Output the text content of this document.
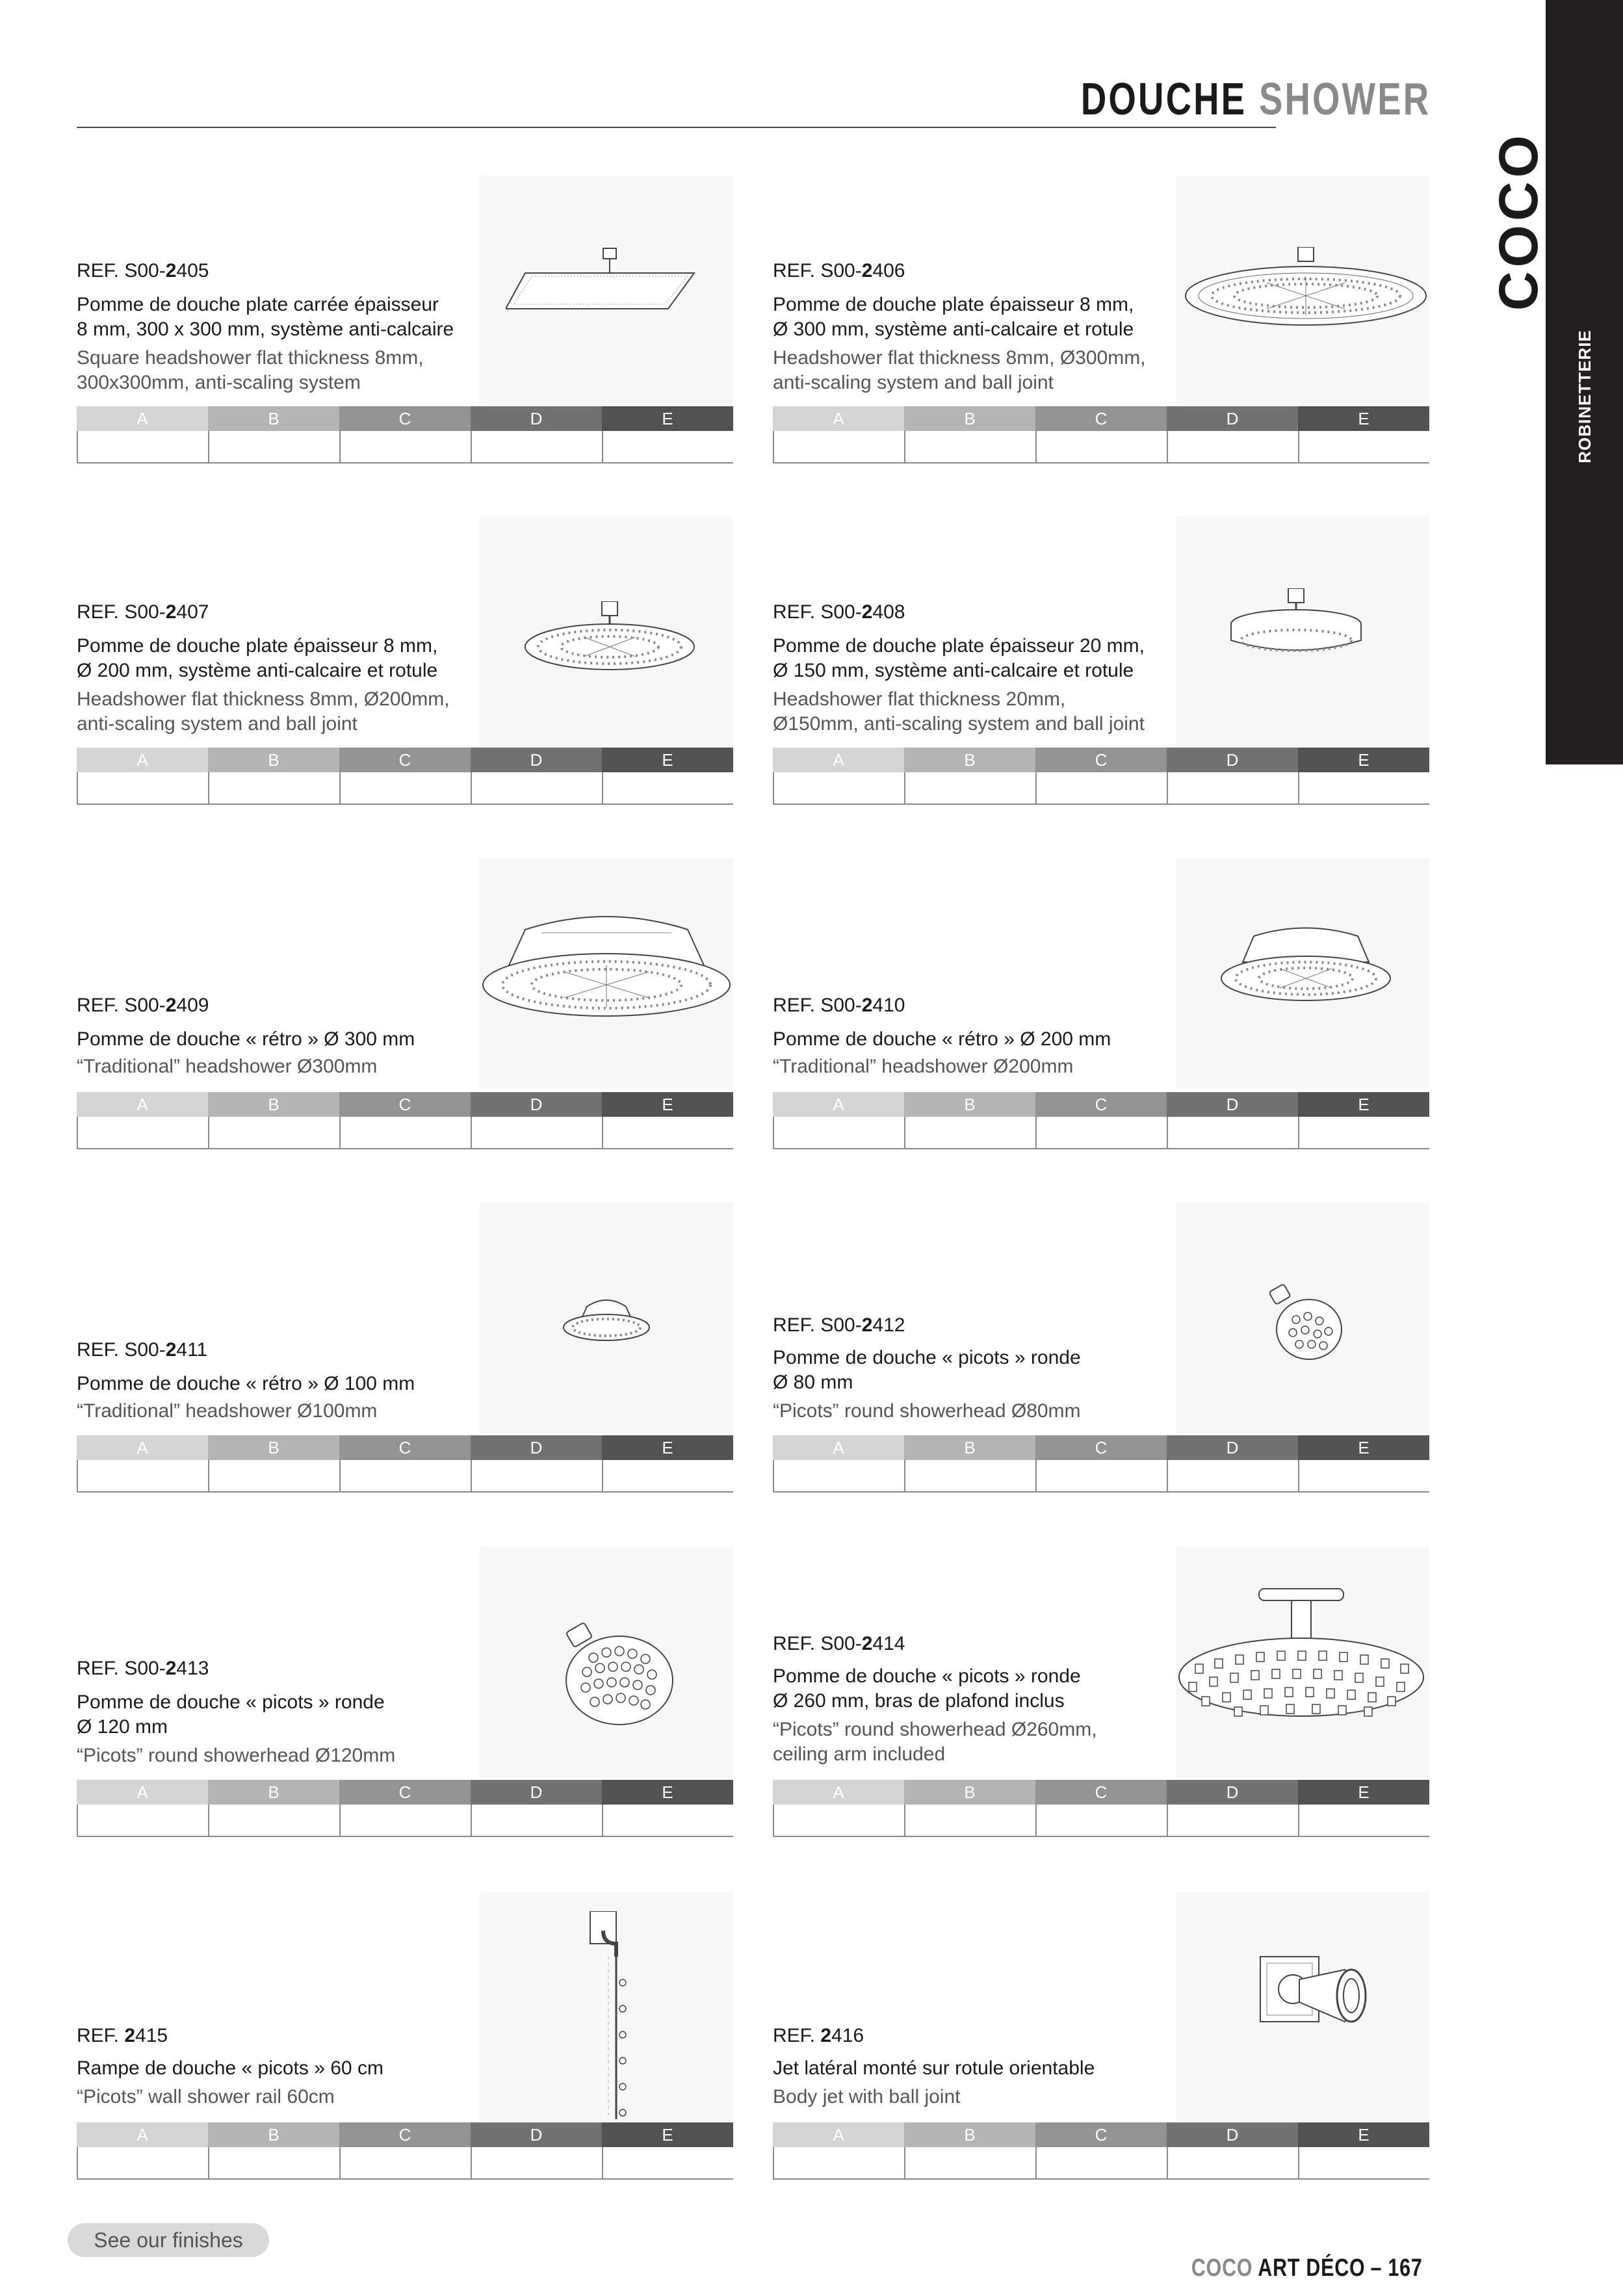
DOUCHE SHOWER
COCO
ROBINETTERIE
REF. S00-2405
Pomme de douche plate carrée épaisseur
8 mm, 300 x 300 mm, système anti-calcaire
Square headshower flat thickness 8mm,
300x300mm, anti-scaling system
A	B	C	D	E
REF. S00-2406
Pomme de douche plate épaisseur 8 mm,
Ø 300 mm, système anti-calcaire et rotule
Headshower flat thickness 8mm, Ø300mm,
anti-scaling system and ball joint
A	B	C	D	E
REF. S00-2407
Pomme de douche plate épaisseur 8 mm,
Ø 200 mm, système anti-calcaire et rotule
Headshower flat thickness 8mm, Ø200mm,
anti-scaling system and ball joint
A	B	C	D	E
REF. S00-2408
Pomme de douche plate épaisseur 20 mm,
Ø 150 mm, système anti-calcaire et rotule
Headshower flat thickness 20mm,
Ø150mm, anti-scaling system and ball joint
A	B	C	D	E
REF. S00-2409
Pomme de douche « rétro » Ø 300 mm
“Traditional” headshower Ø300mm
A	B	C	D	E
REF. S00-2410
Pomme de douche « rétro » Ø 200 mm
“Traditional” headshower Ø200mm
A	B	C	D	E
REF. S00-2411
Pomme de douche « rétro » Ø 100 mm
“Traditional” headshower Ø100mm
A	B	C	D	E
REF. S00-2412
Pomme de douche « picots » ronde
Ø 80 mm
“Picots” round showerhead Ø80mm
A	B	C	D	E
REF. S00-2413
Pomme de douche « picots » ronde
Ø 120 mm
“Picots” round showerhead Ø120mm
A	B	C	D	E
REF. S00-2414
Pomme de douche « picots » ronde
Ø 260 mm, bras de plafond inclus
“Picots” round showerhead Ø260mm,
ceiling arm included
A	B	C	D	E
REF. 2415
Rampe de douche « picots » 60 cm
“Picots” wall shower rail 60cm
A	B	C	D	E
REF. 2416
Jet latéral monté sur rotule orientable
Body jet with ball joint
A	B	C	D	E
See our finishes
COCO ART DÉCO – 167
